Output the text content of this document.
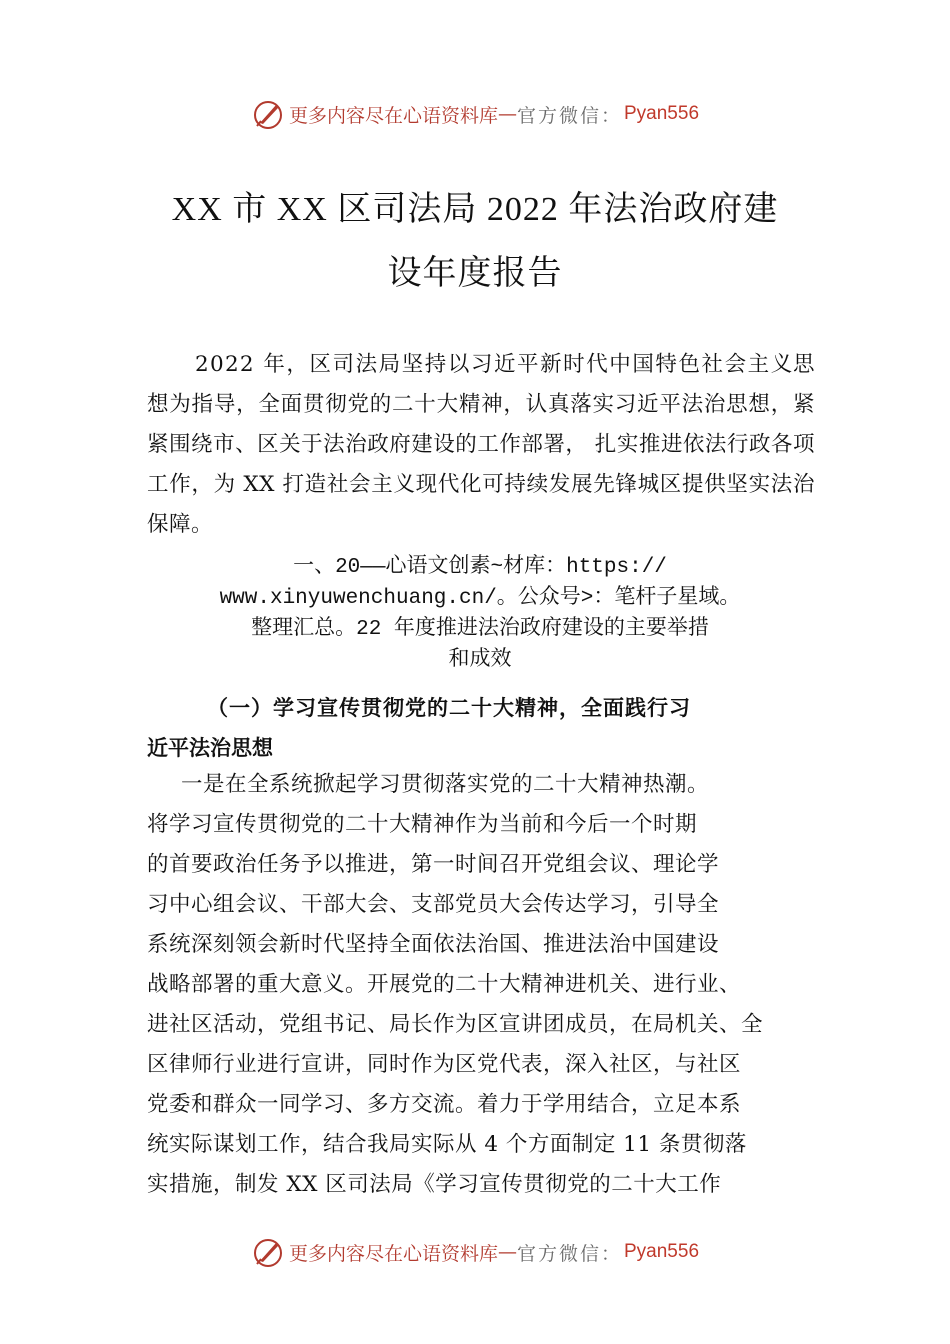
更多内容尽在心语资料库 — 官方微信： Pyan556
XX 市 XX 区司法局 2022 年法治政府建
设年度报告
2022 年，区司法局坚持以习近平新时代中国特色社会主义思想为指导，全面贯彻党的二十大精神，认真落实习近平法治思想，紧紧围绕市、区关于法治政府建设的工作部署， 扎实推进依法行政各项工作，为 XX 打造社会主义现代化可持续发展先锋城区提供坚实法治保障。
一、20——心语文创素~材库：https://
www.xinyuwenchuang.cn/。公众号>：笔杆子星域。
整理汇总。22 年度推进法治政府建设的主要举措
和成效
（一）学习宣传贯彻党的二十大精神，全面践行习
近平法治思想
一是在全系统掀起学习贯彻落实党的二十大精神热潮。
将学习宣传贯彻党的二十大精神作为当前和今后一个时期
的首要政治任务予以推进，第一时间召开党组会议、理论学
习中心组会议、干部大会、支部党员大会传达学习，引导全
系统深刻领会新时代坚持全面依法治国、推进法治中国建设
战略部署的重大意义。开展党的二十大精神进机关、进行业、
进社区活动，党组书记、局长作为区宣讲团成员，在局机关、全
区律师行业进行宣讲，同时作为区党代表，深入社区，与社区
党委和群众一同学习、多方交流。着力于学用结合，立足本系
统实际谋划工作，结合我局实际从 4 个方面制定 11 条贯彻落
实措施，制发 XX 区司法局《学习宣传贯彻党的二十大工作
更多内容尽在心语资料库 — 官方微信： Pyan556
